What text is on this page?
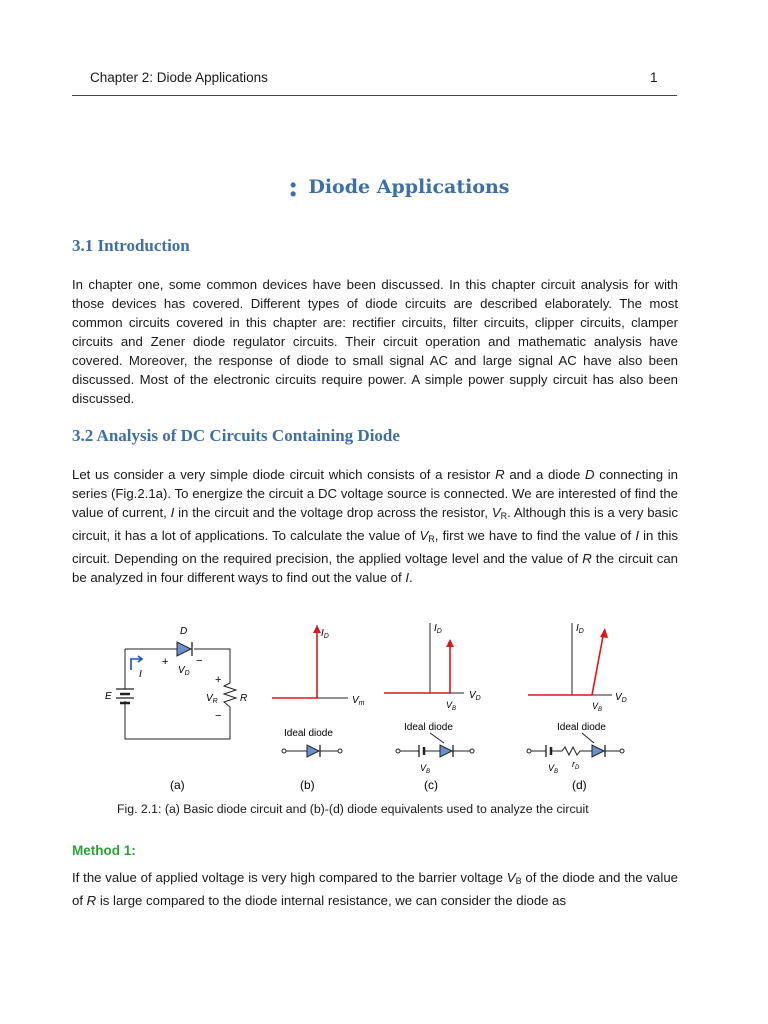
Chapter 2: Diode Applications	1
: Diode Applications
3.1 Introduction

In chapter one, some common devices have been discussed. In this chapter circuit analysis for with those devices has covered. Different types of diode circuits are described elaborately. The most common circuits covered in this chapter are: rectifier circuits, filter circuits, clipper circuits, clamper circuits and Zener diode regulator circuits. Their circuit operation and mathematic analysis have covered. Moreover, the response of diode to small signal AC and large signal AC have also been discussed. Most of the electronic circuits require power. A simple power supply circuit has also been discussed.

3.2 Analysis of DC Circuits Containing Diode

Let us consider a very simple diode circuit which consists of a resistor R and a diode D connecting in series (Fig.2.1a). To energize the circuit a DC voltage source is connected. We are interested of find the value of current, I in the circuit and the voltage drop across the resistor, $V_R$. Although this is a very basic circuit, it has a lot of applications. To calculate the value of $V_R$, first we have to find the value of I in this circuit. Depending on the required precision, the applied voltage level and the value of R the circuit can be analyzed in four different ways to find out the value of I.

D
I
+	−
$V_D$
+
−
E	$V_R$ R
$I_D$
$V_m$
Ideal diode
$I_D$
$V_D$
$V_B$
Ideal diode
$V_B$
$I_D$
$V_D$
$V_B$
Ideal diode
$V_B$
$r_D$
(a)	(b)	(c)	(d)
Fig. 2.1: (a) Basic diode circuit and (b)-(d) diode equivalents used to analyze the circuit
Method 1:

If the value of applied voltage is very high compared to the barrier voltage $V_B$ of the diode and the value of R is large compared to the diode internal resistance, we can consider the diode as
